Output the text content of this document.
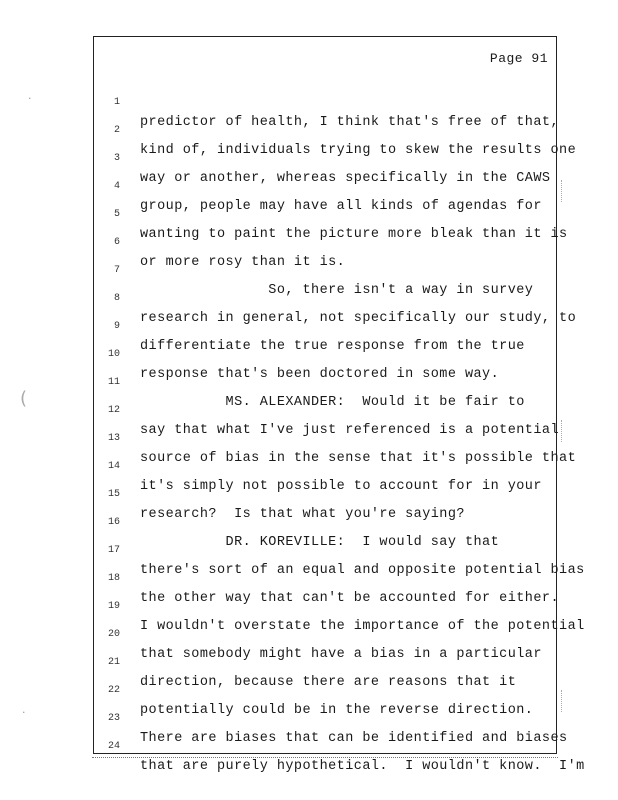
Page 91

1

predictor of health, I think that's free of that,

2

kind of, individuals trying to skew the results one

3

way or another, whereas specifically in the CAWS

4

group, people may have all kinds of agendas for

5

wanting to paint the picture more bleak than it is

6

or more rosy than it is.

7

So, there isn't a way in survey

8

research in general, not specifically our study, to

9

differentiate the true response from the true

10

response that's been doctored in some way.

11

MS. ALEXANDER:  Would it be fair to

12

say that what I've just referenced is a potential

13

source of bias in the sense that it's possible that

14

it's simply not possible to account for in your

15

research?  Is that what you're saying?

16

DR. KOREVILLE:  I would say that

17

there's sort of an equal and opposite potential bias

18

the other way that can't be accounted for either.

19

I wouldn't overstate the importance of the potential

20

that somebody might have a bias in a particular

21

direction, because there are reasons that it

22

potentially could be in the reverse direction.

23

There are biases that can be identified and biases

24

that are purely hypothetical.  I wouldn't know.  I'm

(
·
·
